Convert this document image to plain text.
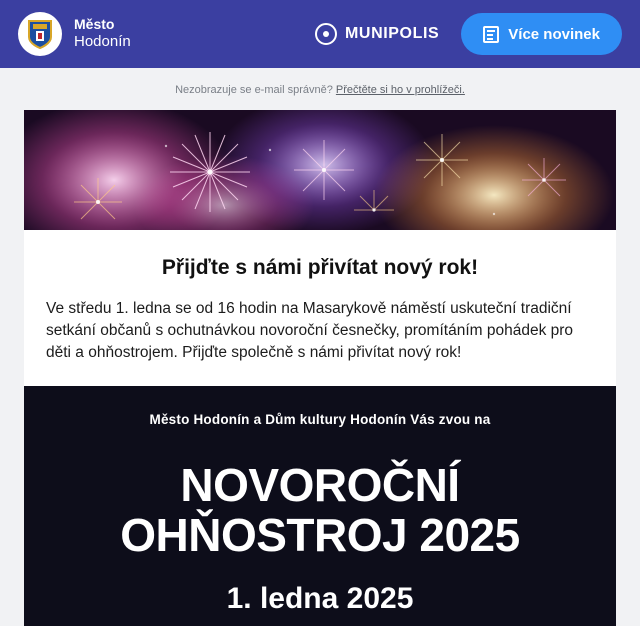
Město
Hodonín	MUNIPOLIS	Více novinek
Nezobrazuje se e-mail správně? Přečtěte si ho v prohlížeči.
Přijďte s námi přivítat nový rok!
Ve středu 1. ledna se od 16 hodin na Masarykově náměstí uskuteční tradiční setkání občanů s ochutnávkou novoroční česnečky, promítáním pohádek pro děti a ohňostrojem. Přijďte společně s námi přivítat nový rok!
Město Hodonín a Dům kultury Hodonín Vás zvou na
NOVOROČNÍ
OHŇOSTROJ 2025
1. ledna 2025
